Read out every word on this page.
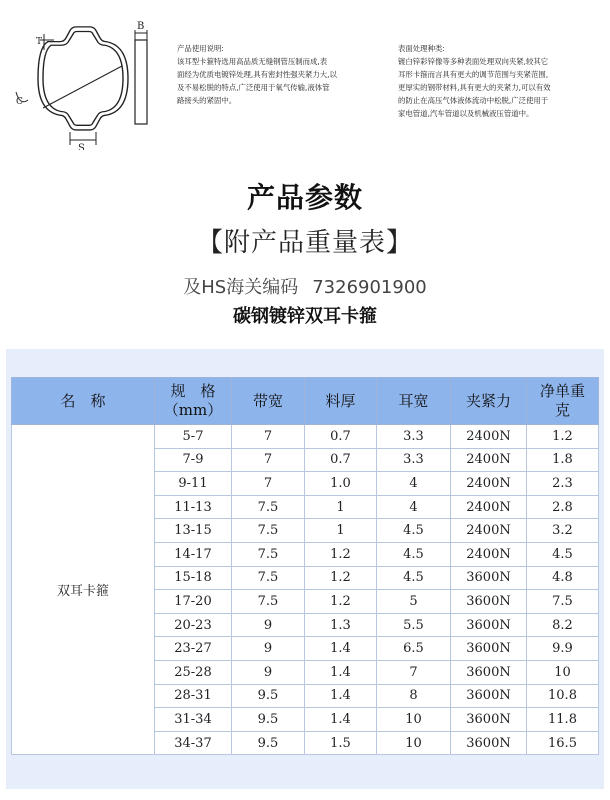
T
B
C
S
产品使用说明:
该耳型卡箍特选用高品质无缝钢管压制而成,表
面经为优质电镀锌处理,具有密封性强夹紧力大,以
及不易松脱的特点,广泛使用于氧气传输,液体管
路接头的紧固中。
表面处理种类:
镀白锌彩锌像等多种表面处理双向夹紧,较其它
耳形卡箍而言具有更大的调节范围与夹紧范围,
更厚实的钢带材料,具有更大的夹紧力,可以有效
的防止在高压气体液体流动中松脱,广泛使用于
家电管道,汽车管道以及机械液压管道中。
产品参数
【附产品重量表】
及HS海关编码 7326901900
碳钢镀锌双耳卡箍
名　称	规　格
（mm）	带宽	料厚	耳宽	夹紧力	净单重
克
双耳卡箍	5-7	7	0.7	3.3	2400N	1.2
	7-9	7	0.7	3.3	2400N	1.8
	9-11	7	1.0	4	2400N	2.3
	11-13	7.5	1	4	2400N	2.8
	13-15	7.5	1	4.5	2400N	3.2
	14-17	7.5	1.2	4.5	2400N	4.5
	15-18	7.5	1.2	4.5	3600N	4.8
	17-20	7.5	1.2	5	3600N	7.5
	20-23	9	1.3	5.5	3600N	8.2
	23-27	9	1.4	6.5	3600N	9.9
	25-28	9	1.4	7	3600N	10
	28-31	9.5	1.4	8	3600N	10.8
	31-34	9.5	1.4	10	3600N	11.8
	34-37	9.5	1.5	10	3600N	16.5
